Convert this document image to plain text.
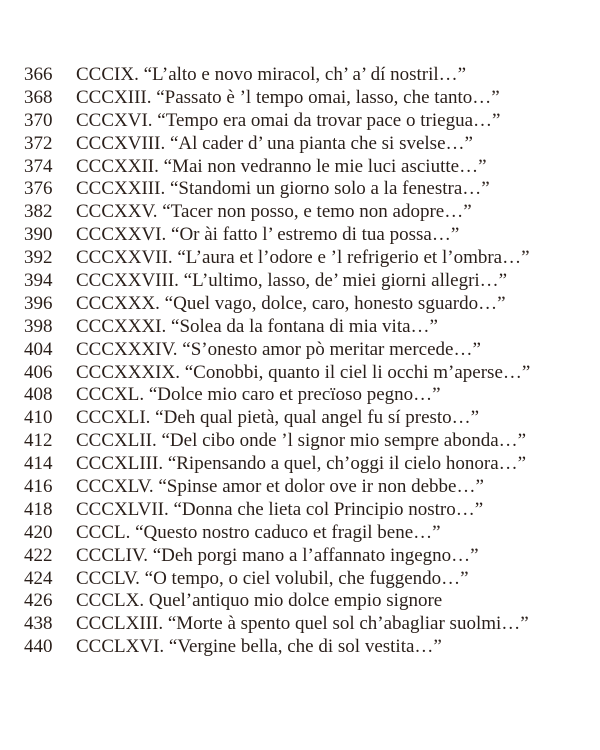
366 CCCIX. “L’alto e novo miracol, ch’ a’ dí nostril…”
368 CCCXIII. “Passato è ’l tempo omai, lasso, che tanto…”
370 CCCXVI. “Tempo era omai da trovar pace o triegua…”
372 CCCXVIII. “Al cader d’ una pianta che si svelse…”
374 CCCXXII. “Mai non vedranno le mie luci asciutte…”
376 CCCXXIII. “Standomi un giorno solo a la fenestra…”
382 CCCXXV. “Tacer non posso, e temo non adopre…”
390 CCCXXVI. “Or ài fatto l’ estremo di tua possa…”
392 CCCXXVII. “L’aura et l’odore e ’l refrigerio et l’ombra…”
394 CCCXXVIII. “L’ultimo, lasso, de’ miei giorni allegri…”
396 CCCXXX. “Quel vago, dolce, caro, honesto sguardo…”
398 CCCXXXI. “Solea da la fontana di mia vita…”
404 CCCXXXIV. “S’onesto amor pò meritar mercede…”
406 CCCXXXIX. “Conobbi, quanto il ciel li occhi m’aperse…”
408 CCCXL. “Dolce mio caro et precïoso pegno…”
410 CCCXLI. “Deh qual pietà, qual angel fu sí presto…”
412 CCCXLII. “Del cibo onde ’l signor mio sempre abonda…”
414 CCCXLIII. “Ripensando a quel, ch’oggi il cielo honora…”
416 CCCXLV. “Spinse amor et dolor ove ir non debbe…”
418 CCCXLVII. “Donna che lieta col Principio nostro…”
420 CCCL. “Questo nostro caduco et fragil bene…”
422 CCCLIV. “Deh porgi mano a l’affannato ingegno…”
424 CCCLV. “O tempo, o ciel volubil, che fuggendo…”
426 CCCLX. Quel’antiquo mio dolce empio signore
438 CCCLXIII. “Morte à spento quel sol ch’abagliar suolmi…”
440 CCCLXVI. “Vergine bella, che di sol vestita…”
